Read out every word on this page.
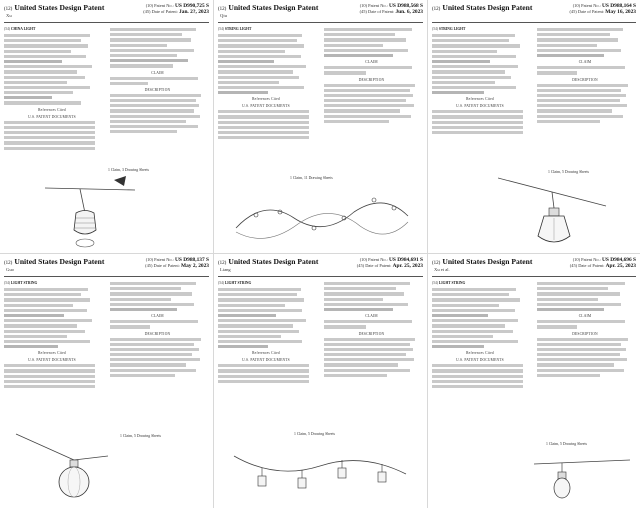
(12) United States Design Patent
Xu
(10) Patent No.: US D990,725 S
(45) Date of Patent: Jan. 2?, 2023
(54) CHINA LIGHT
References Cited
U.S. PATENT DOCUMENTS
CLAIM
DESCRIPTION
1 Claim, 3 Drawing Sheets
(12) United States Design Patent
Qiu
(10) Patent No.: US D988,568 S
(45) Date of Patent: Jun. 6, 2023
(54) STRING LIGHT
References Cited
U.S. PATENT DOCUMENTS
CLAIM
DESCRIPTION
1 Claim, 11 Drawing Sheets
(12) United States Design Patent	(10) Patent No.: US D988,164 S
(45) Date of Patent: May 16, 2023
(54) STRING LIGHT
References Cited
U.S. PATENT DOCUMENTS
CLAIM
DESCRIPTION
1 Claim, 5 Drawing Sheets
(12) United States Design Patent
Guo
(10) Patent No.: US D988,137 S
(45) Date of Patent: May 2, 2023
(54) LIGHT STRING
References Cited
U.S. PATENT DOCUMENTS
CLAIM
DESCRIPTION
1 Claim, 5 Drawing Sheets
(12) United States Design Patent
Liang
(10) Patent No.: US D984,691 S
(45) Date of Patent: Apr. 25, 2023
(54) LIGHT STRING
References Cited
U.S. PATENT DOCUMENTS
CLAIM
DESCRIPTION
1 Claim, 5 Drawing Sheets
(12) United States Design Patent
Xu et al.
(10) Patent No.: US D984,696 S
(45) Date of Patent: Apr. 25, 2023
(54) LIGHT STRING
References Cited
U.S. PATENT DOCUMENTS
CLAIM
DESCRIPTION
1 Claim, 5 Drawing Sheets
